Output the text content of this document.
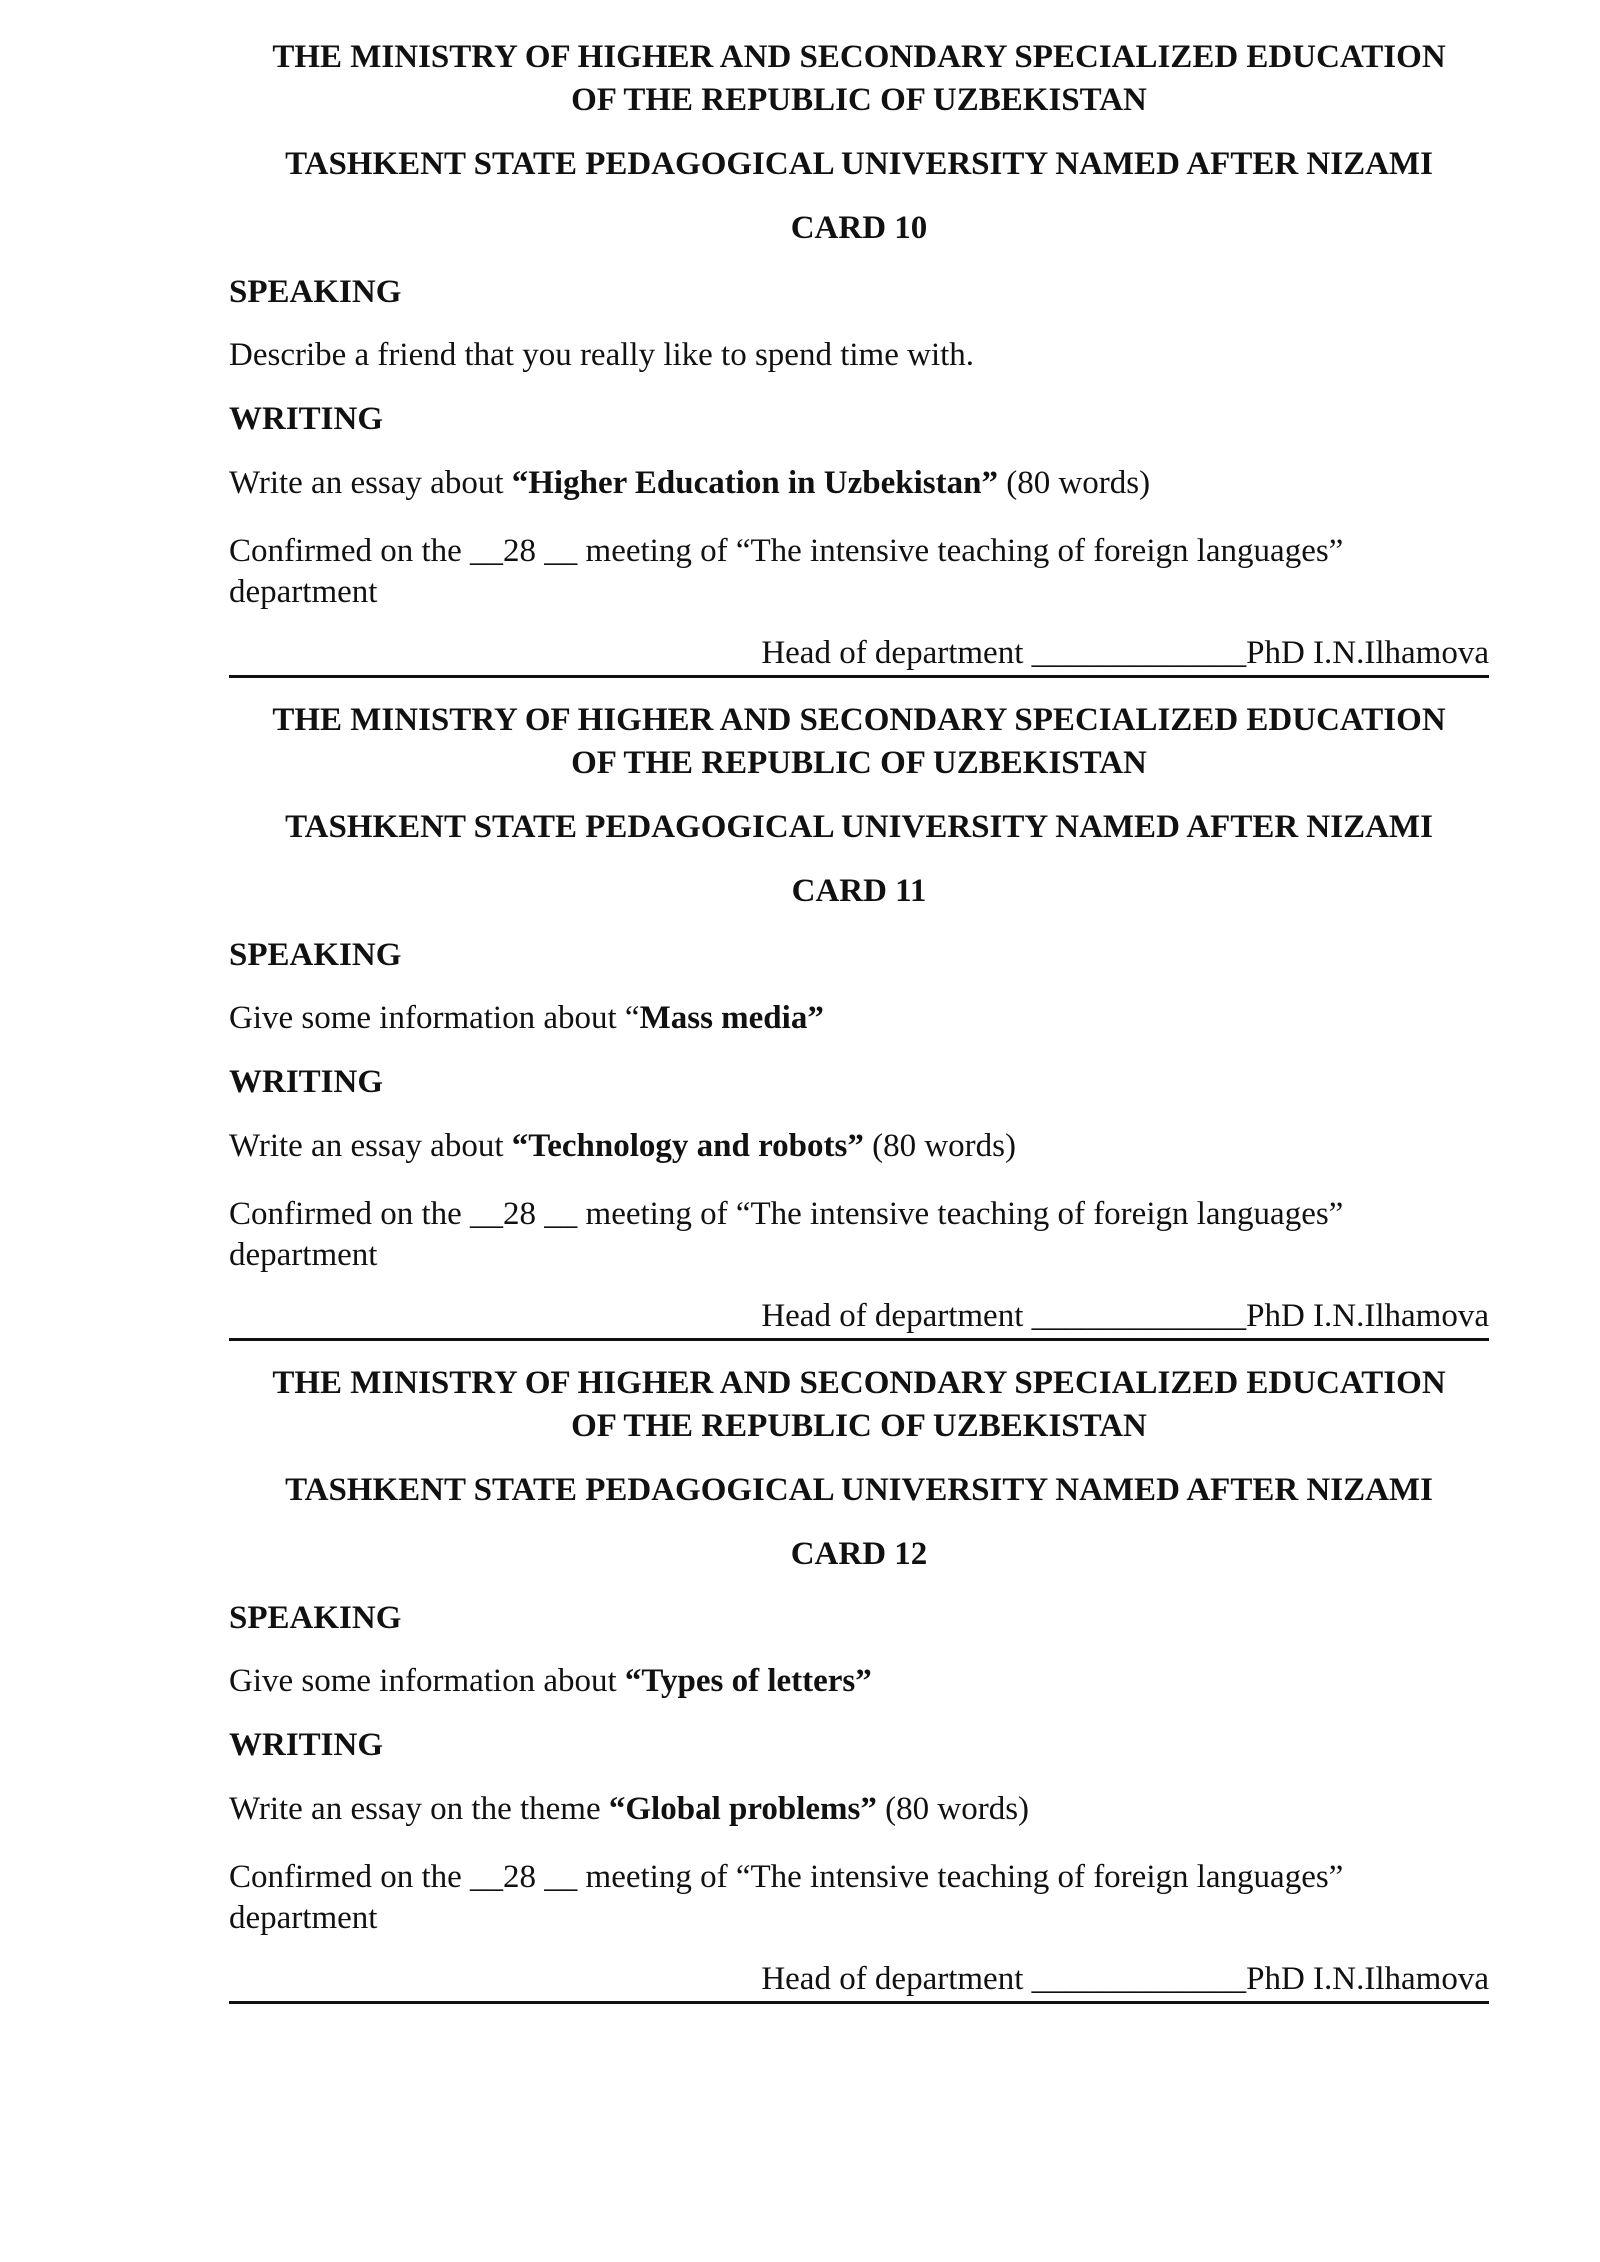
THE MINISTRY OF HIGHER AND SECONDARY SPECIALIZED EDUCATION
OF THE REPUBLIC OF UZBEKISTAN
TASHKENT STATE PEDAGOGICAL UNIVERSITY NAMED AFTER NIZAMI
CARD 10
SPEAKING
Describe a friend that you really like to spend time with.
WRITING
Write an essay about “Higher Education in Uzbekistan” (80 words)
Confirmed on the __28 __ meeting of “The intensive teaching of foreign languages”
department
Head of department _____________PhD I.N.Ilhamova
THE MINISTRY OF HIGHER AND SECONDARY SPECIALIZED EDUCATION
OF THE REPUBLIC OF UZBEKISTAN
TASHKENT STATE PEDAGOGICAL UNIVERSITY NAMED AFTER NIZAMI
CARD 11
SPEAKING
Give some information about “Mass media”
WRITING
Write an essay about “Technology and robots” (80 words)
Confirmed on the __28 __ meeting of “The intensive teaching of foreign languages”
department
Head of department _____________PhD I.N.Ilhamova
THE MINISTRY OF HIGHER AND SECONDARY SPECIALIZED EDUCATION
OF THE REPUBLIC OF UZBEKISTAN
TASHKENT STATE PEDAGOGICAL UNIVERSITY NAMED AFTER NIZAMI
CARD 12
SPEAKING
Give some information about “Types of letters”
WRITING
Write an essay on the theme “Global problems” (80 words)
Confirmed on the __28 __ meeting of “The intensive teaching of foreign languages”
department
Head of department _____________PhD I.N.Ilhamova
